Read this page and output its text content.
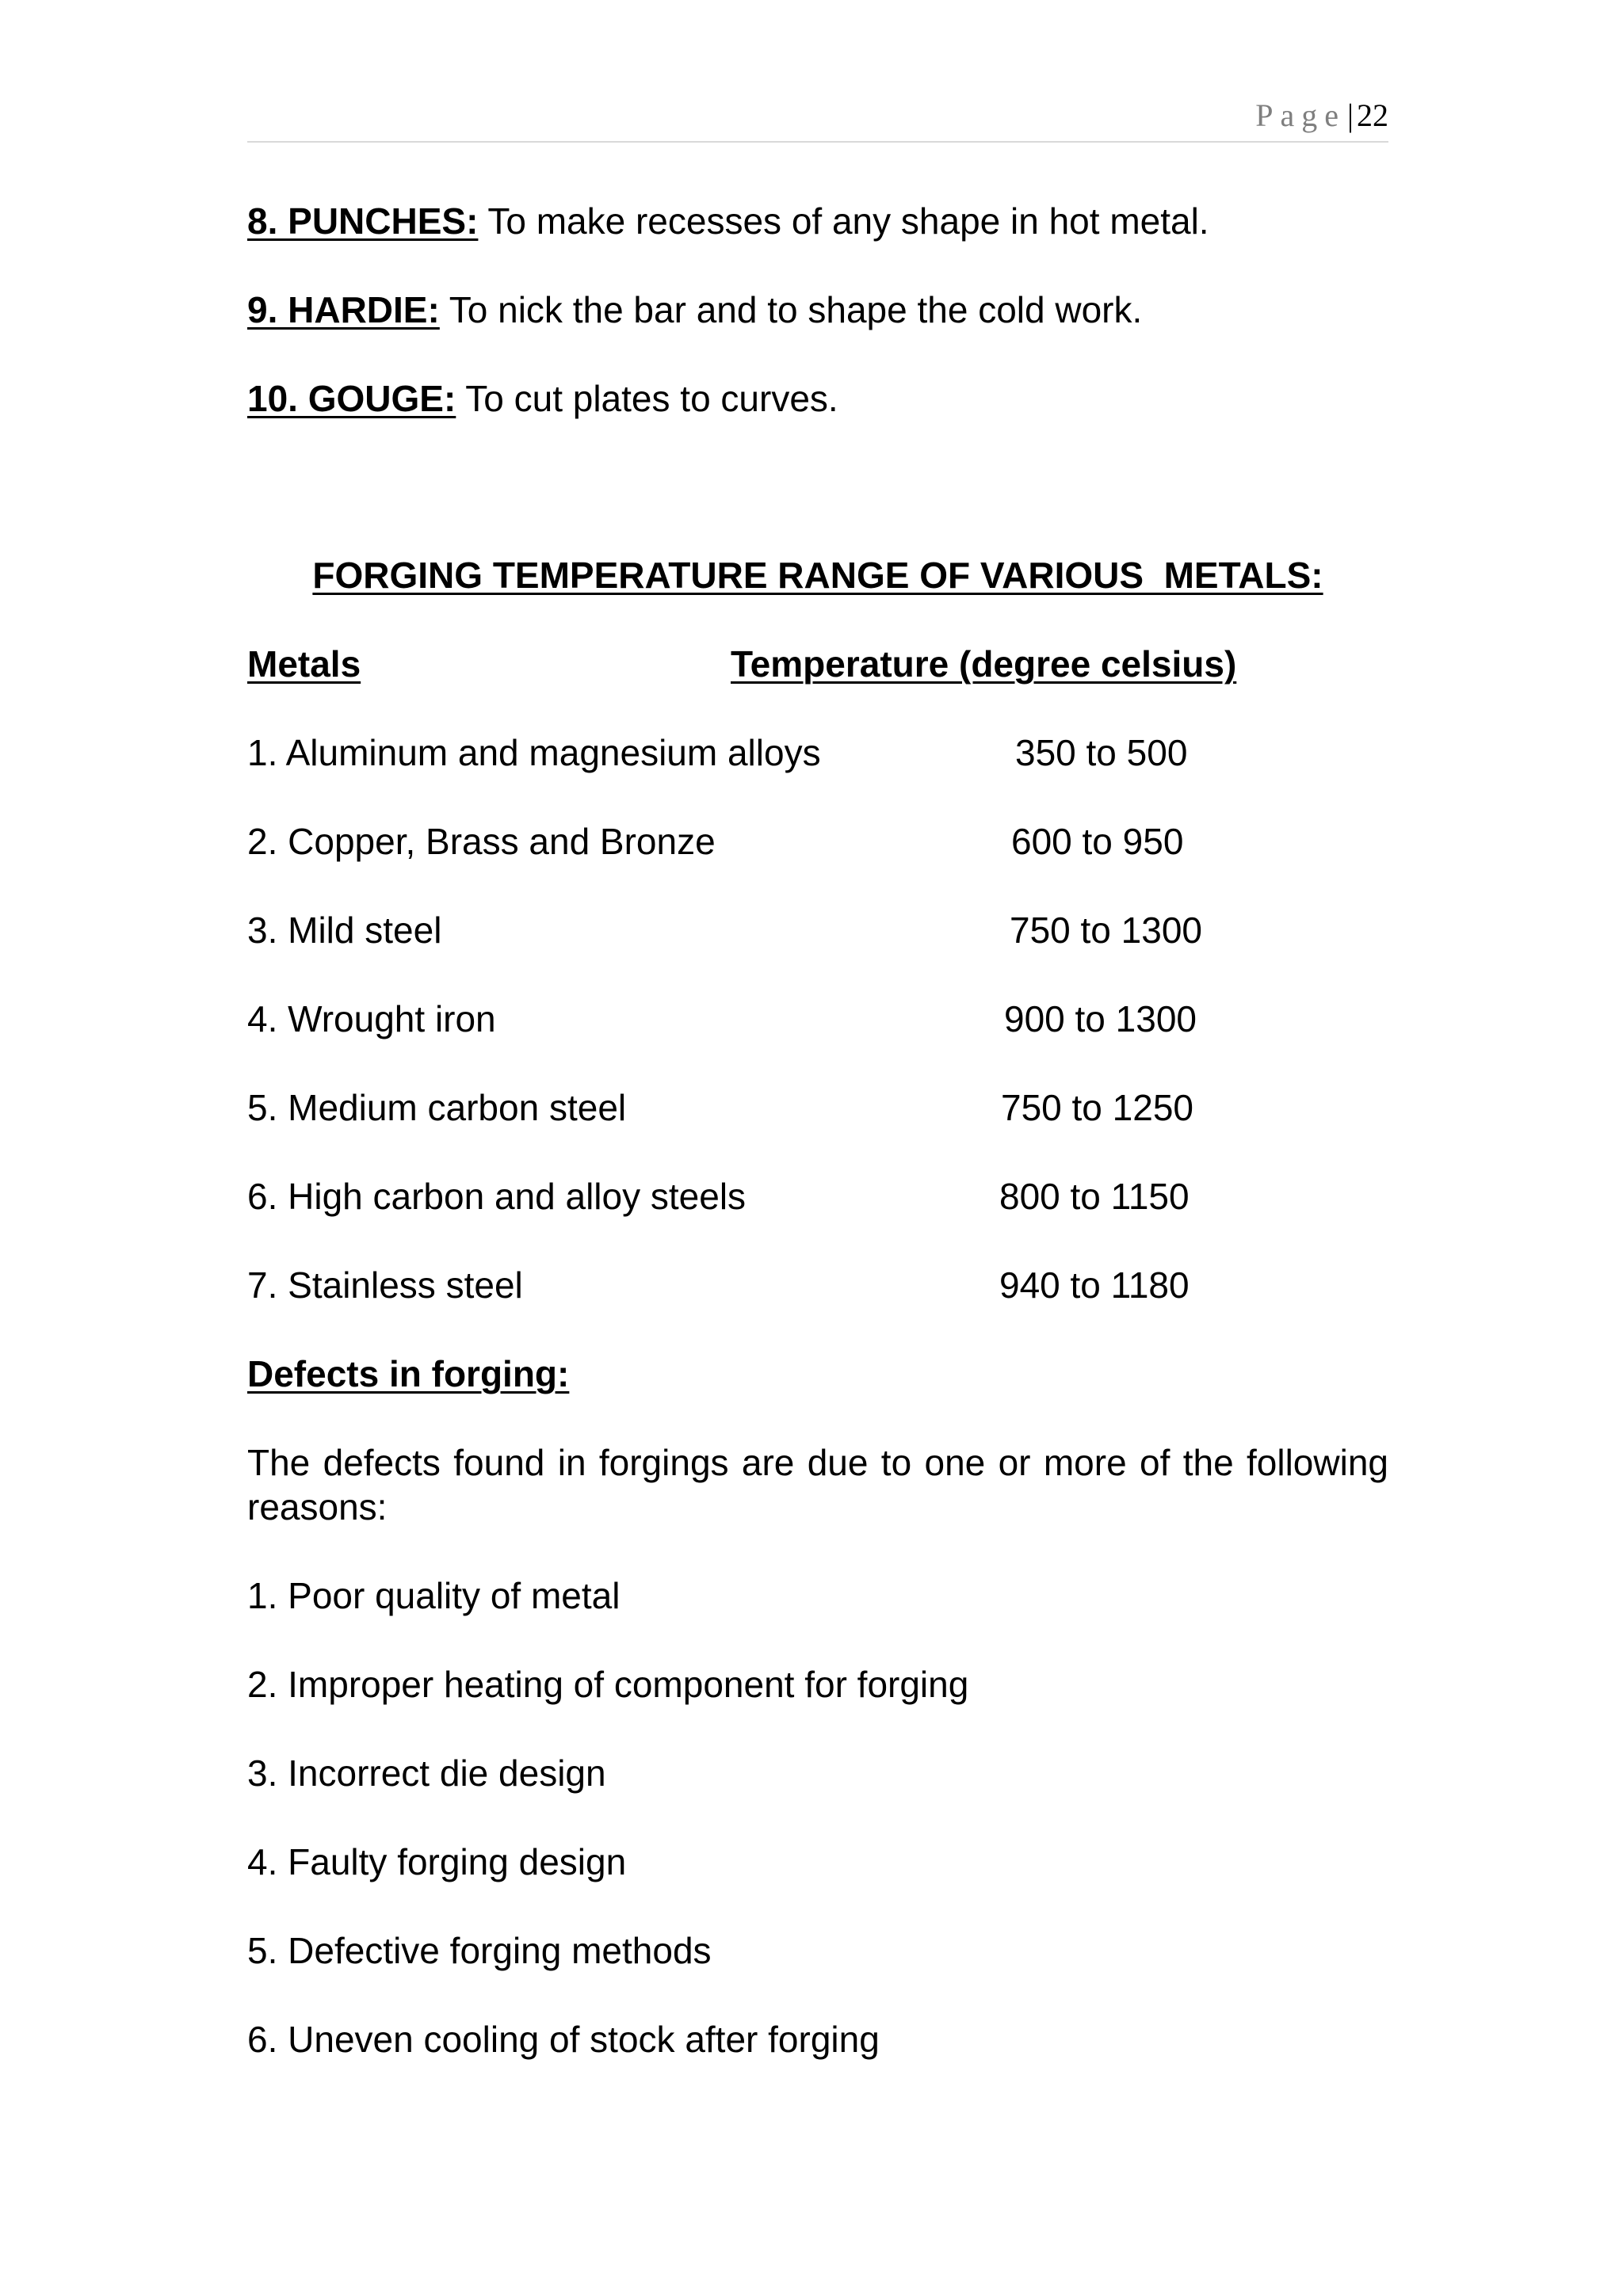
Page| 22
8. PUNCHES: To make recesses of any shape in hot metal.
9. HARDIE: To nick the bar and to shape the cold work.
10. GOUGE: To cut plates to curves.
FORGING TEMPERATURE RANGE OF VARIOUS  METALS:
Metals	Temperature (degree celsius)
1. Aluminum and magnesium alloys	350 to 500
2. Copper, Brass and Bronze	600 to 950
3. Mild steel	750 to 1300
4. Wrought iron	900 to 1300
5. Medium carbon steel	750 to 1250
6. High carbon and alloy steels	800 to 1150
7. Stainless steel	940 to 1180
Defects in forging:
The defects found in forgings are due to one or more of the following reasons:
1. Poor quality of metal
2. Improper heating of component for forging
3. Incorrect die design
4. Faulty forging design
5. Defective forging methods
6. Uneven cooling of stock after forging
